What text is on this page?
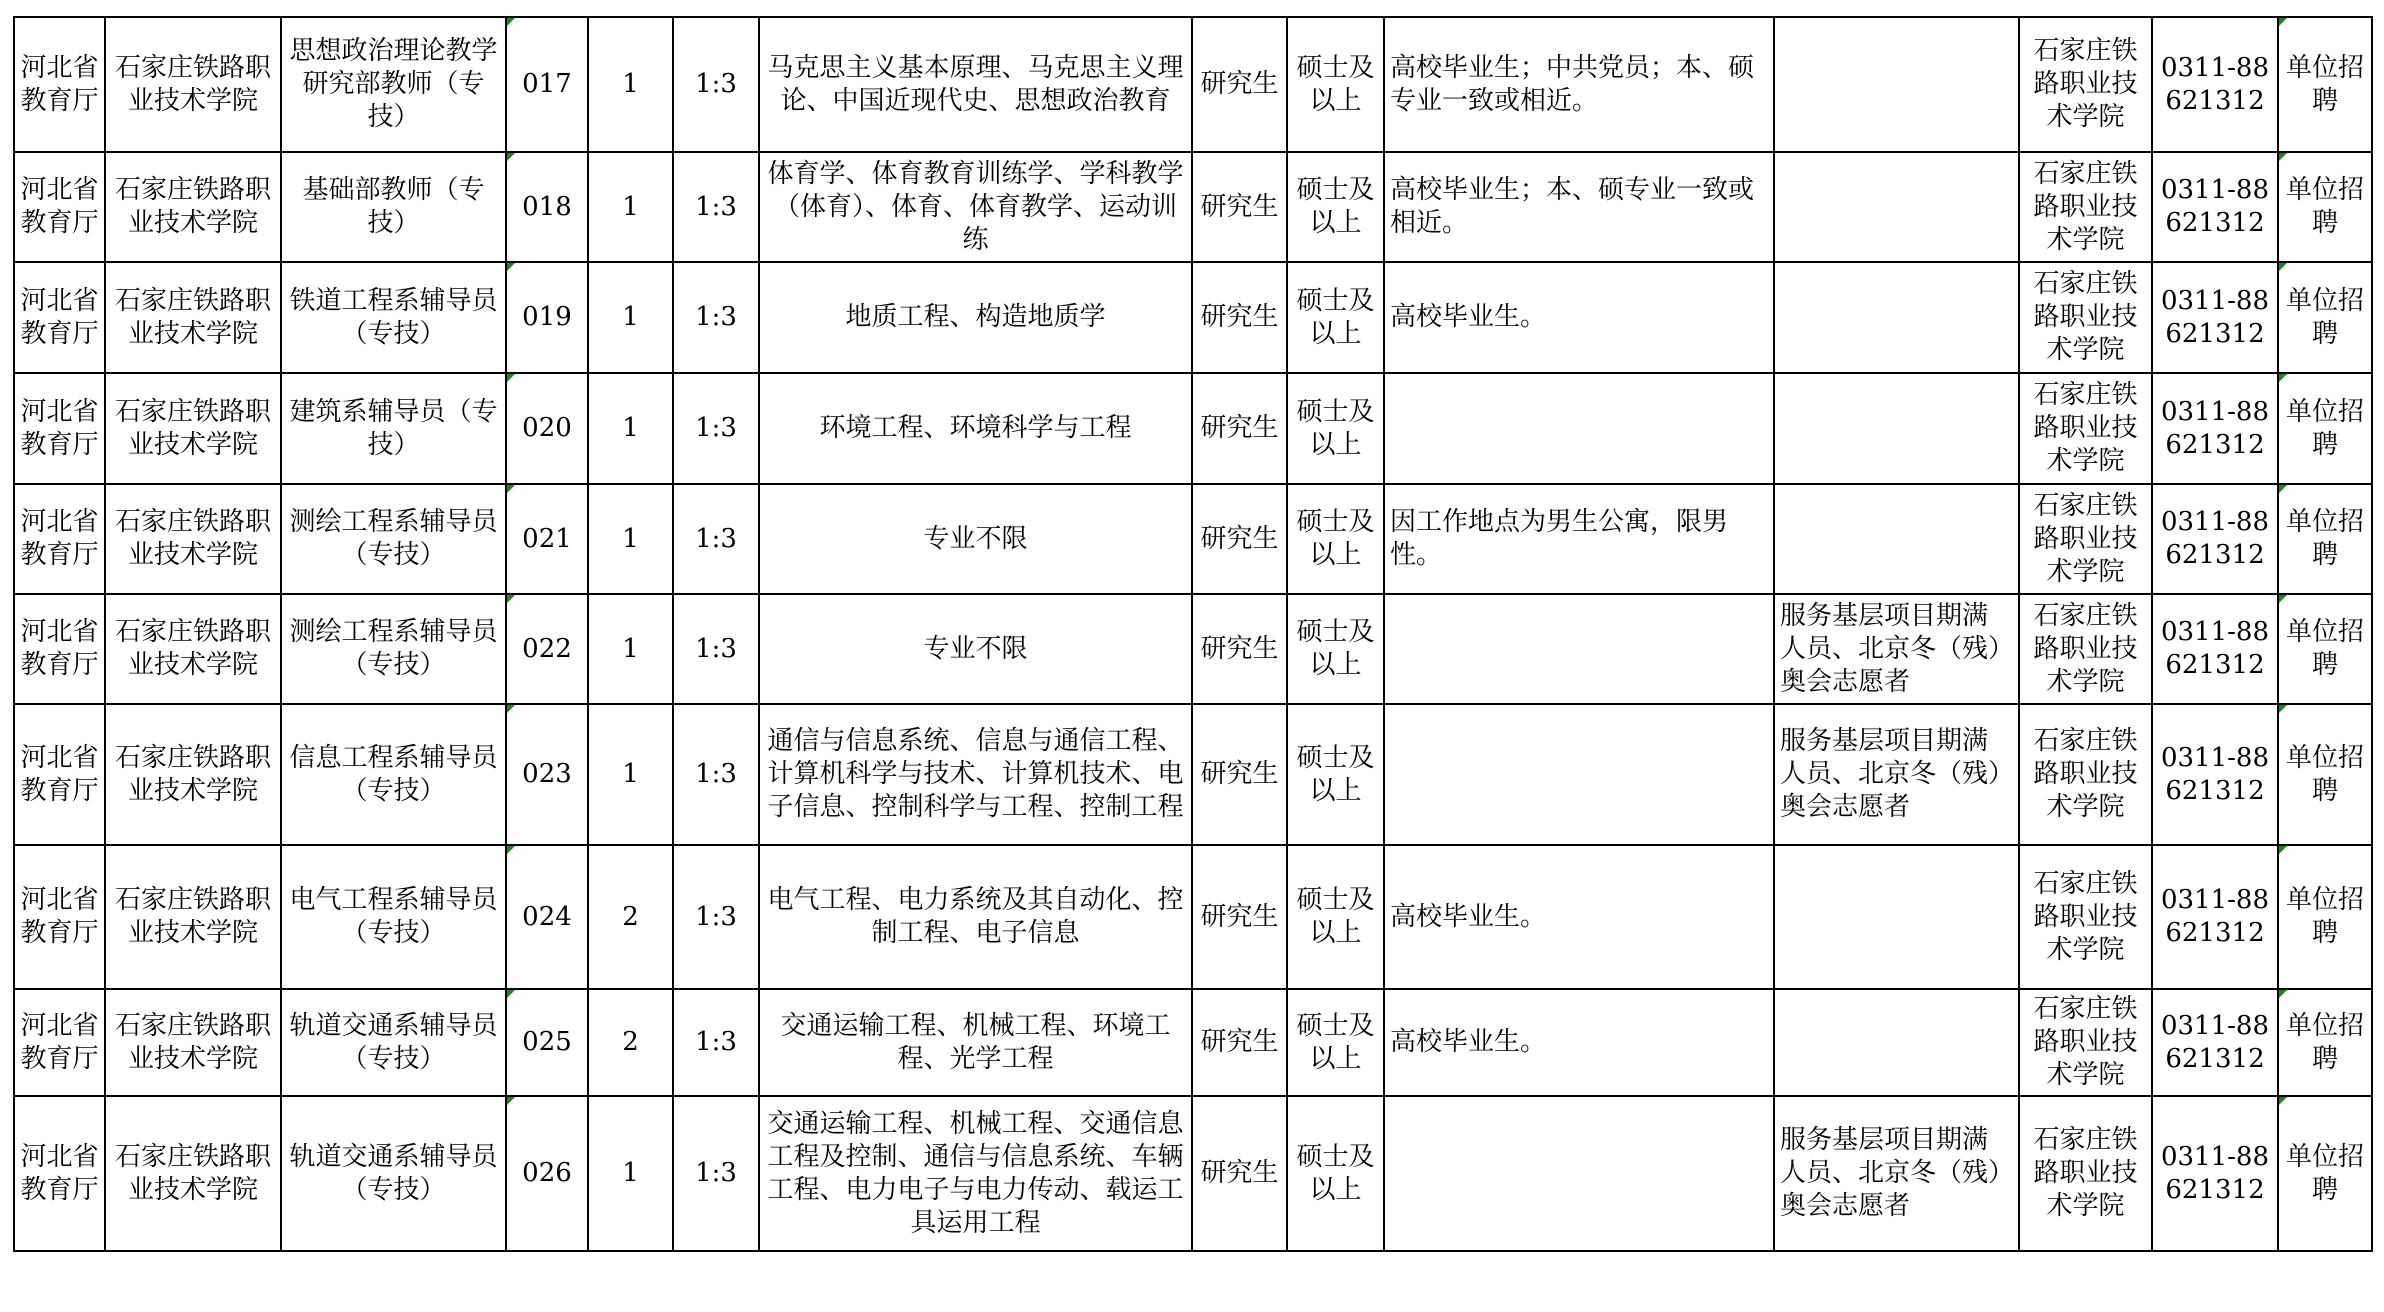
河北省教育厅	石家庄铁路职业技术学院	思想政治理论教学研究部教师（专技）	017	1	1:3	马克思主义基本原理、马克思主义理论、中国近现代史、思想政治教育	研究生	硕士及以上	高校毕业生；中共党员；本、硕专业一致或相近。		石家庄铁路职业技术学院	0311-88621312	单位招聘
河北省教育厅	石家庄铁路职业技术学院	基础部教师（专技）	018	1	1:3	体育学、体育教育训练学、学科教学（体育）、体育、体育教学、运动训练	研究生	硕士及以上	高校毕业生；本、硕专业一致或相近。		石家庄铁路职业技术学院	0311-88621312	单位招聘
河北省教育厅	石家庄铁路职业技术学院	铁道工程系辅导员（专技）	019	1	1:3	地质工程、构造地质学	研究生	硕士及以上	高校毕业生。		石家庄铁路职业技术学院	0311-88621312	单位招聘
河北省教育厅	石家庄铁路职业技术学院	建筑系辅导员（专技）	020	1	1:3	环境工程、环境科学与工程	研究生	硕士及以上			石家庄铁路职业技术学院	0311-88621312	单位招聘
河北省教育厅	石家庄铁路职业技术学院	测绘工程系辅导员（专技）	021	1	1:3	专业不限	研究生	硕士及以上	因工作地点为男生公寓，限男性。		石家庄铁路职业技术学院	0311-88621312	单位招聘
河北省教育厅	石家庄铁路职业技术学院	测绘工程系辅导员（专技）	022	1	1:3	专业不限	研究生	硕士及以上		服务基层项目期满人员、北京冬（残）奥会志愿者	石家庄铁路职业技术学院	0311-88621312	单位招聘
河北省教育厅	石家庄铁路职业技术学院	信息工程系辅导员（专技）	023	1	1:3	通信与信息系统、信息与通信工程、计算机科学与技术、计算机技术、电子信息、控制科学与工程、控制工程	研究生	硕士及以上		服务基层项目期满人员、北京冬（残）奥会志愿者	石家庄铁路职业技术学院	0311-88621312	单位招聘
河北省教育厅	石家庄铁路职业技术学院	电气工程系辅导员（专技）	024	2	1:3	电气工程、电力系统及其自动化、控制工程、电子信息	研究生	硕士及以上	高校毕业生。		石家庄铁路职业技术学院	0311-88621312	单位招聘
河北省教育厅	石家庄铁路职业技术学院	轨道交通系辅导员（专技）	025	2	1:3	交通运输工程、机械工程、环境工程、光学工程	研究生	硕士及以上	高校毕业生。		石家庄铁路职业技术学院	0311-88621312	单位招聘
河北省教育厅	石家庄铁路职业技术学院	轨道交通系辅导员（专技）	026	1	1:3	交通运输工程、机械工程、交通信息工程及控制、通信与信息系统、车辆工程、电力电子与电力传动、载运工具运用工程	研究生	硕士及以上		服务基层项目期满人员、北京冬（残）奥会志愿者	石家庄铁路职业技术学院	0311-88621312	单位招聘
